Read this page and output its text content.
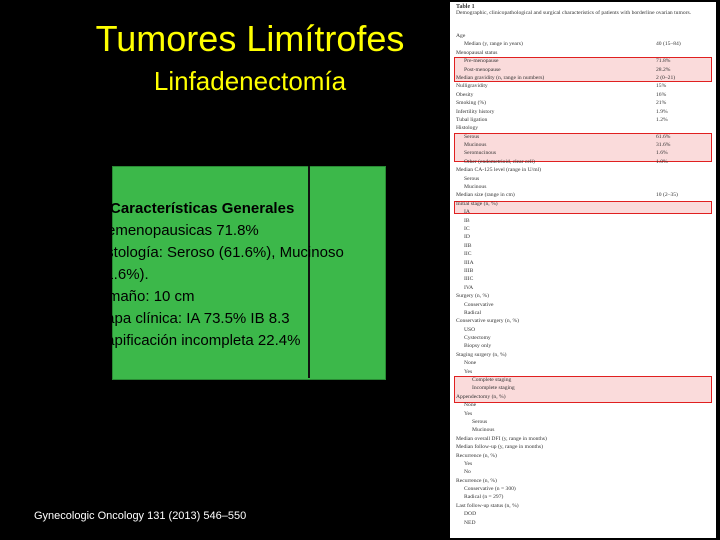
Tumores Limítrofes
Linfadenectomía
Características Generales
1. Premenopausicas 71.8%
2. Histología: Seroso (61.6%), Mucinoso (31.6%).
3. Tamaño: 10 cm
4. Etapa clínica: IA 73.5% IB 8.3
5. Etapificación incompleta 22.4%
Gynecologic Oncology 131 (2013) 546–550
Table 1
Demographic, clinicopathological and surgical characteristics of patients with borderline ovarian tumors.
Age
Median (y, range in years)	40 (15–84)
Menopausal status
Pre-menopause	71.8%
Post-menopause	28.2%
Median gravidity (n, range in numbers)	2 (0–21)
Nulligravidity	15%
Obesity	16%
Smoking (%)	21%
Infertility history	1.9%
Tubal ligation	1.2%
Histology
Serous	61.6%
Mucinous	31.6%
Seromucinous	1.6%
Other (endometrioid, clear cell)	1.0%
Median CA-125 level (range in U/ml)
Serous
Mucinous
Median size (range in cm)	10 (2–35)
Initial stage (n, %)
IA
IB
IC
ID
IIB
IIC
IIIA
IIIB
IIIC
IVA
Surgery (n, %)
Conservative
Radical
Conservative surgery (n, %)
USO
Cystectomy
Biopsy only
Staging surgery (n, %)
None
Yes
Complete staging
Incomplete staging
Appendectomy (n, %)
None
Yes
Serous
Mucinous
Median overall DFI (y, range in months)
Median follow-up (y, range in months)
Recurrence (n, %)
Yes
No
Recurrence (n, %)
Conservative (n = 300)
Radical (n = 297)
Last follow-up status (n, %)
DOD
NED
